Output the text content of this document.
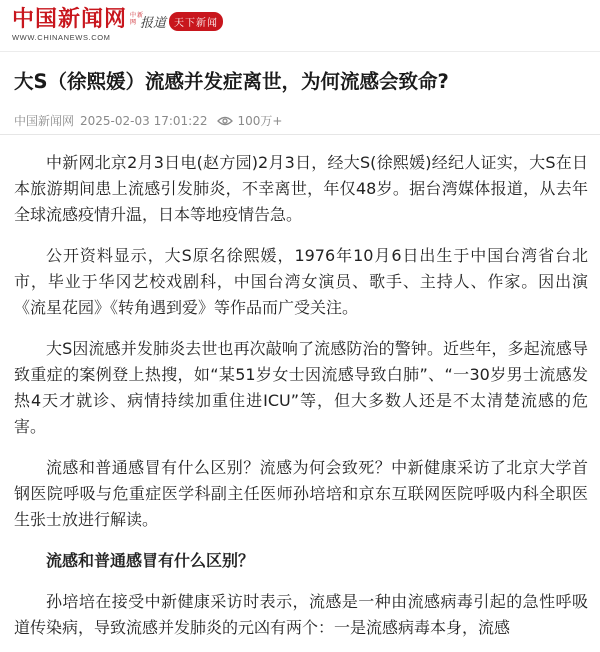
中国新闻网 中新
网
WWW.CHINANEWS.COM
报道 天下新闻
大S（徐熙媛）流感并发症离世，为何流感会致命?
中国新闻网 2025-02-03 17:01:22	100万+

中新网北京2月3日电(赵方园)2月3日，经大S(徐熙媛)经纪人证实，大S在日本旅游期间患上流感引发肺炎，不幸离世，年仅48岁。据台湾媒体报道，从去年全球流感疫情升温，日本等地疫情告急。

公开资料显示，大S原名徐熙媛，1976年10月6日出生于中国台湾省台北市，毕业于华冈艺校戏剧科，中国台湾女演员、歌手、主持人、作家。因出演《流星花园》《转角遇到爱》等作品而广受关注。

大S因流感并发肺炎去世也再次敲响了流感防治的警钟。近些年，多起流感导致重症的案例登上热搜，如“某51岁女士因流感导致白肺”、“一30岁男士流感发热4天才就诊、病情持续加重住进ICU”等，但大多数人还是不太清楚流感的危害。

流感和普通感冒有什么区别？流感为何会致死？中新健康采访了北京大学首钢医院呼吸与危重症医学科副主任医师孙培培和京东互联网医院呼吸内科全职医生张士放进行解读。

流感和普通感冒有什么区别？

孙培培在接受中新健康采访时表示，流感是一种由流感病毒引起的急性呼吸道传染病，导致流感并发肺炎的元凶有两个：一是流感病毒本身，流感
